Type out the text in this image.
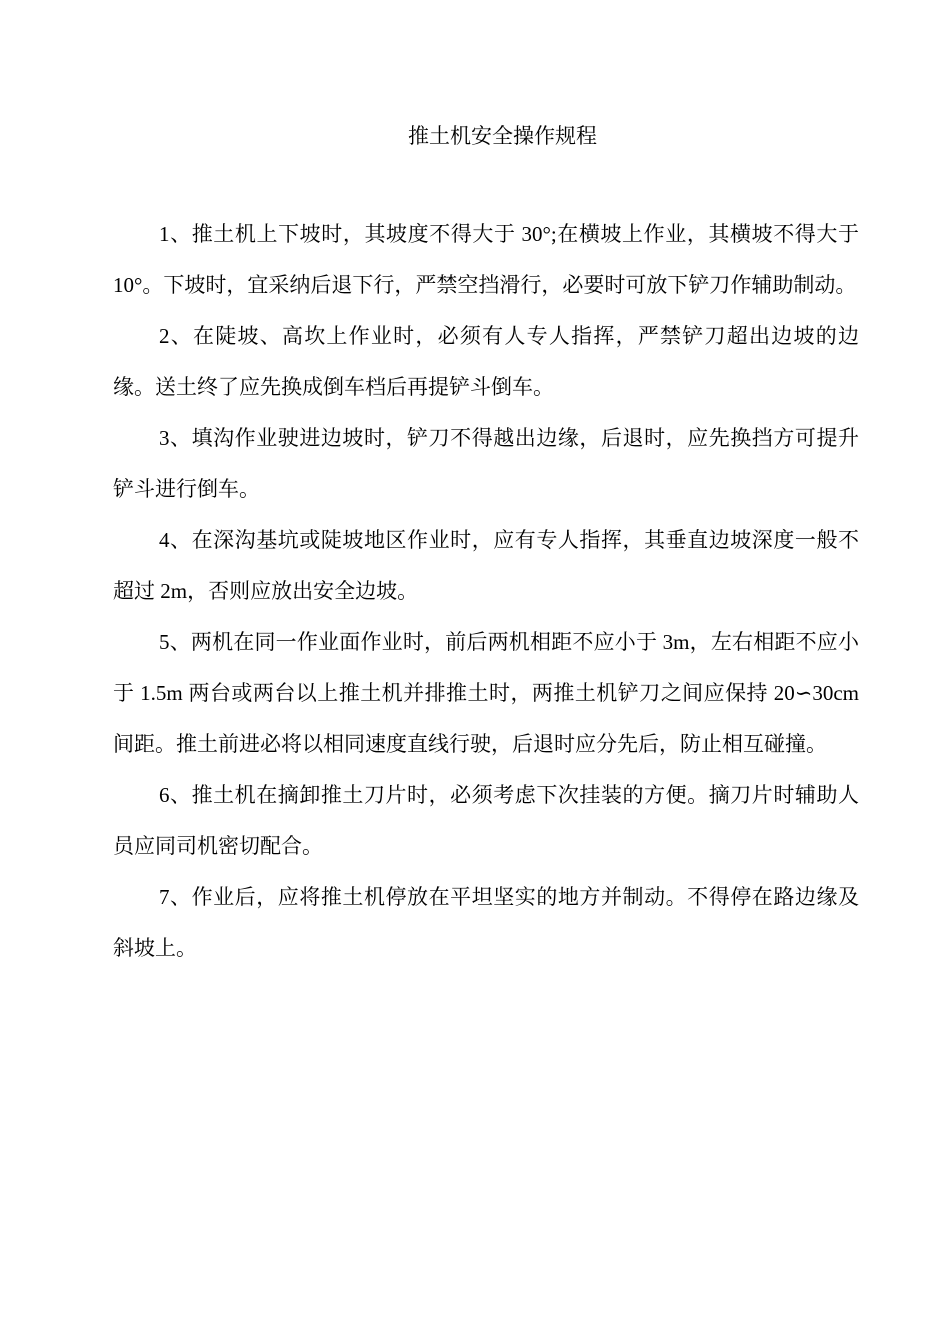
推土机安全操作规程

1、推土机上下坡时，其坡度不得大于 30°;在横坡上作业，其横坡不得大于 10°。下坡时，宜采纳后退下行，严禁空挡滑行，必要时可放下铲刀作辅助制动。

2、在陡坡、高坎上作业时，必须有人专人指挥，严禁铲刀超出边坡的边缘。送土终了应先换成倒车档后再提铲斗倒车。

3、填沟作业驶进边坡时，铲刀不得越出边缘，后退时，应先换挡方可提升铲斗进行倒车。

4、在深沟基坑或陡坡地区作业时，应有专人指挥，其垂直边坡深度一般不超过 2m，否则应放出安全边坡。

5、两机在同一作业面作业时，前后两机相距不应小于 3m，左右相距不应小于 1.5m 两台或两台以上推土机并排推土时，两推土机铲刀之间应保持 20∽30cm 间距。推土前进必将以相同速度直线行驶，后退时应分先后，防止相互碰撞。

6、推土机在摘卸推土刀片时，必须考虑下次挂装的方便。摘刀片时辅助人员应同司机密切配合。

7、作业后，应将推土机停放在平坦坚实的地方并制动。不得停在路边缘及斜坡上。
